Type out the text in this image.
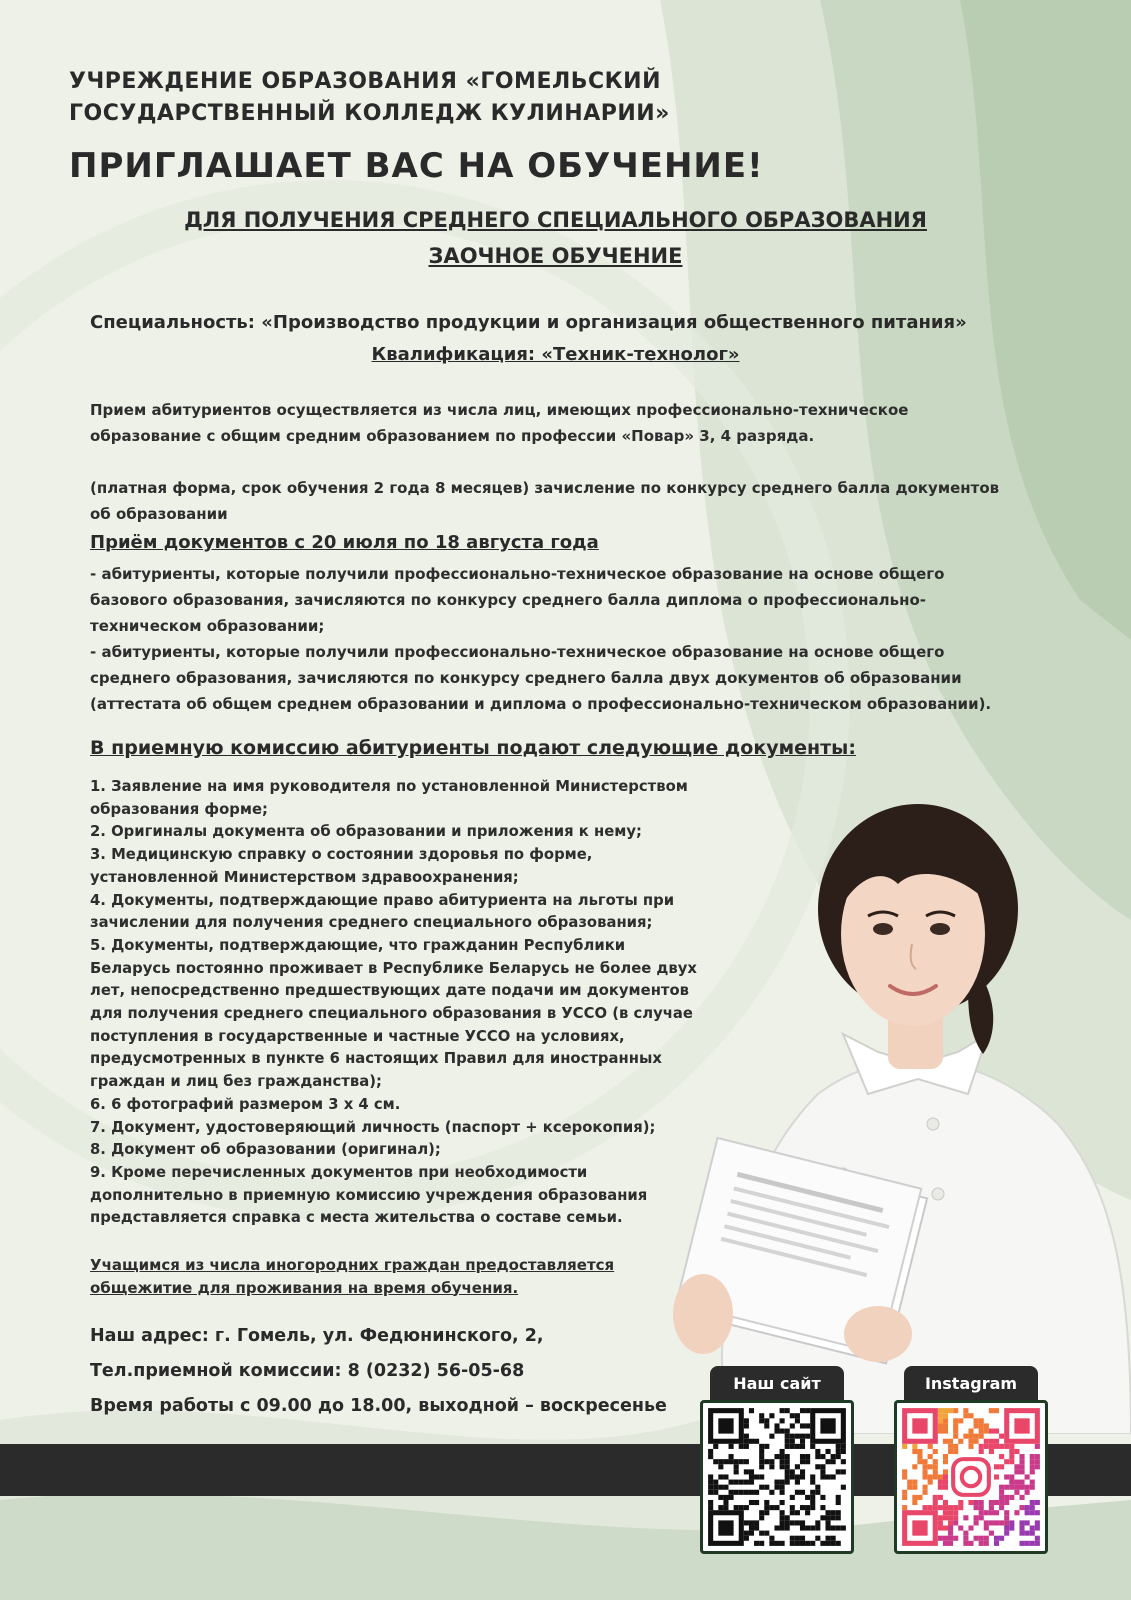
УЧРЕЖДЕНИЕ ОБРАЗОВАНИЯ «ГОМЕЛЬСКИЙ ГОСУДАРСТВЕННЫЙ КОЛЛЕДЖ КУЛИНАРИИ»
ПРИГЛАШАЕТ ВАС НА ОБУЧЕНИЕ!
ДЛЯ ПОЛУЧЕНИЯ СРЕДНЕГО СПЕЦИАЛЬНОГО ОБРАЗОВАНИЯ
ЗАОЧНОЕ ОБУЧЕНИЕ
Специальность: «Производство продукции и организация общественного питания»
Квалификация: «Техник-технолог»
Прием абитуриентов осуществляется из числа лиц, имеющих профессионально-техническое образование с общим средним образованием по профессии «Повар» 3, 4 разряда.
(платная форма, срок обучения 2 года 8 месяцев) зачисление по конкурсу среднего балла документов об образовании
Приём документов с 20 июля по 18 августа года

- абитуриенты, которые получили профессионально-техническое образование на основе общего базового образования, зачисляются по конкурсу среднего балла диплома о профессионально-техническом образовании;

- абитуриенты, которые получили профессионально-техническое образование на основе общего среднего образования, зачисляются по конкурсу среднего балла двух документов об образовании (аттестата об общем среднем образовании и диплома о профессионально-техническом образовании).

В приемную комиссию абитуриенты подают следующие документы:

1. Заявление на имя руководителя по установленной Министерством образования форме;

2. Оригиналы документа об образовании и приложения к нему;

3. Медицинскую справку о состоянии здоровья по форме, установленной Министерством здравоохранения;

4. Документы, подтверждающие право абитуриента на льготы при зачислении для получения среднего специального образования;

5. Документы, подтверждающие, что гражданин Республики Беларусь постоянно проживает в Республике Беларусь не более двух лет, непосредственно предшествующих дате подачи им документов для получения среднего специального образования в УССО (в случае поступления в государственные и частные УССО на условиях, предусмотренных в пункте 6 настоящих Правил для иностранных граждан и лиц без гражданства);

6. 6 фотографий размером 3 х 4 см.

7. Документ, удостоверяющий личность (паспорт + ксерокопия);

8. Документ об образовании (оригинал);

9. Кроме перечисленных документов при необходимости дополнительно в приемную комиссию учреждения образования представляется справка с места жительства о составе семьи.

Учащимся из числа иногородних граждан предоставляется общежитие для проживания на время обучения.
Наш адрес: г. Гомель, ул. Федюнинского, 2,
Тел.приемной комиссии: 8 (0232) 56-05-68
Время работы с 09.00 до 18.00, выходной – воскресенье
Наш сайт	Instagram
